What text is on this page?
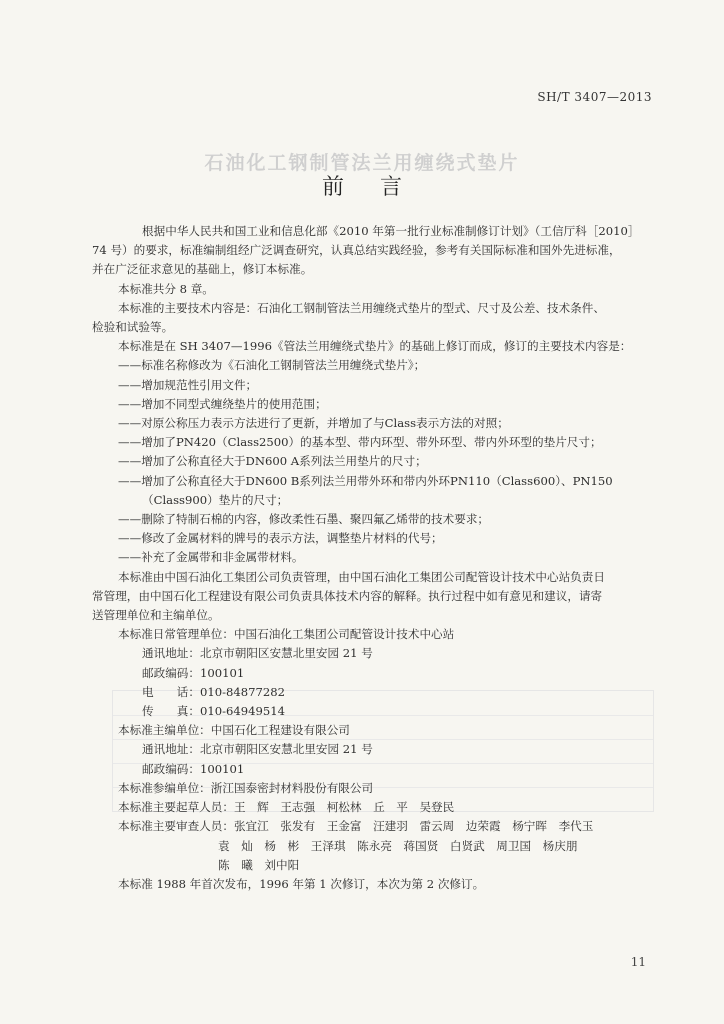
SH/T 3407—2013
石油化工钢制管法兰用缠绕式垫片
前 言
根据中华人民共和国工业和信息化部《2010 年第一批行业标准制修订计划》（工信厅科［2010］
74 号）的要求，标准编制组经广泛调查研究，认真总结实践经验，参考有关国际标准和国外先进标准，
并在广泛征求意见的基础上，修订本标准。
本标准共分 8 章。
本标准的主要技术内容是：石油化工钢制管法兰用缠绕式垫片的型式、尺寸及公差、技术条件、
检验和试验等。
本标准是在 SH 3407—1996《管法兰用缠绕式垫片》的基础上修订而成，修订的主要技术内容是：
——标准名称修改为《石油化工钢制管法兰用缠绕式垫片》；
——增加规范性引用文件；
——增加不同型式缠绕垫片的使用范围；
——对原公称压力表示方法进行了更新，并增加了与Class表示方法的对照；
——增加了PN420（Class2500）的基本型、带内环型、带外环型、带内外环型的垫片尺寸；
——增加了公称直径大于DN600 A系列法兰用垫片的尺寸；
——增加了公称直径大于DN600 B系列法兰用带外环和带内外环PN110（Class600）、PN150
（Class900）垫片的尺寸；
——删除了特制石棉的内容，修改柔性石墨、聚四氟乙烯带的技术要求；
——修改了金属材料的牌号的表示方法，调整垫片材料的代号；
——补充了金属带和非金属带材料。
本标准由中国石油化工集团公司负责管理，由中国石油化工集团公司配管设计技术中心站负责日
常管理，由中国石化工程建设有限公司负责具体技术内容的解释。执行过程中如有意见和建议，请寄
送管理单位和主编单位。
本标准日常管理单位：中国石油化工集团公司配管设计技术中心站
通讯地址：北京市朝阳区安慧北里安园 21 号
邮政编码：100101
电　　话：010-84877282
传　　真：010-64949514
本标准主编单位：中国石化工程建设有限公司
通讯地址：北京市朝阳区安慧北里安园 21 号
邮政编码：100101
本标准参编单位：浙江国泰密封材料股份有限公司
本标准主要起草人员：王　辉　王志强　柯松林　丘　平　吴登民
本标准主要审查人员：张宜江　张发有　王金富　汪建羽　雷云周　边荣霞　杨宁晖　李代玉
袁　灿　杨　彬　王泽琪　陈永亮　蒋国贤　白贤武　周卫国　杨庆朋
陈　曦　刘中阳
本标准 1988 年首次发布，1996 年第 1 次修订，本次为第 2 次修订。
11
